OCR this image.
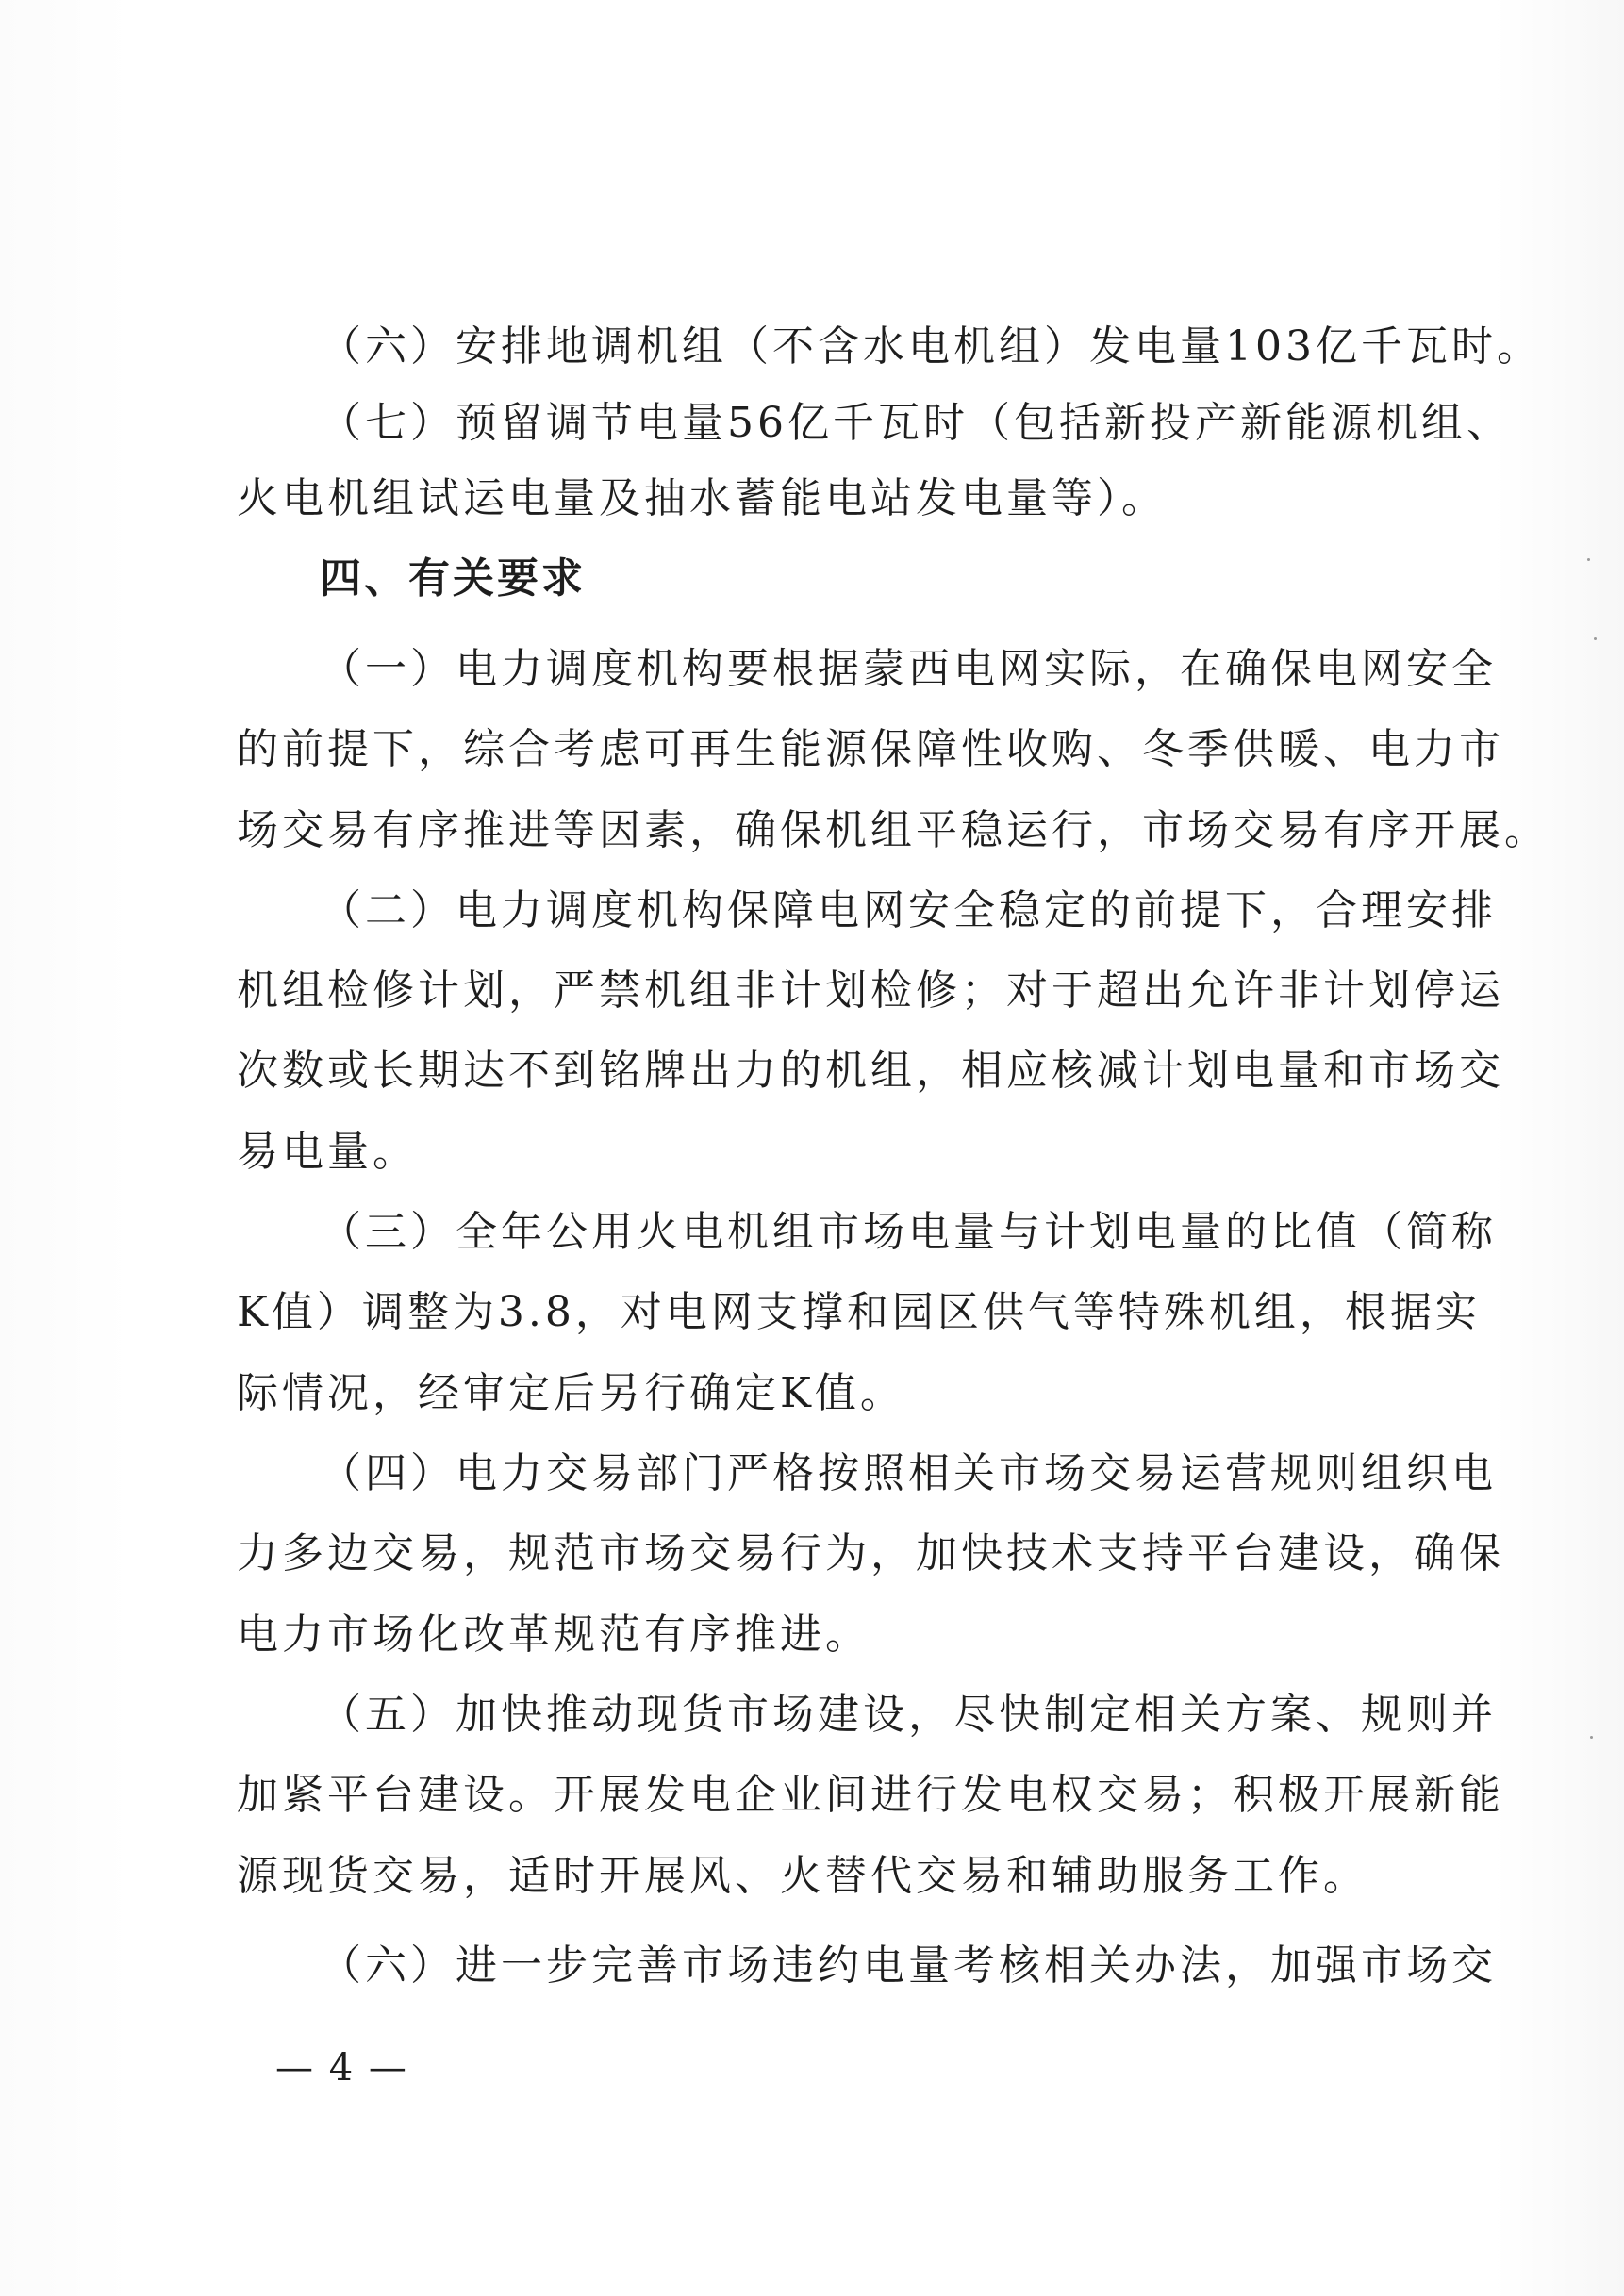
（六）安排地调机组（不含水电机组）发电量103亿千瓦时。

（七）预留调节电量56亿千瓦时（包括新投产新能源机组、

火电机组试运电量及抽水蓄能电站发电量等）。

四、有关要求

（一）电力调度机构要根据蒙西电网实际，在确保电网安全

的前提下，综合考虑可再生能源保障性收购、冬季供暖、电力市

场交易有序推进等因素，确保机组平稳运行，市场交易有序开展。

（二）电力调度机构保障电网安全稳定的前提下，合理安排

机组检修计划，严禁机组非计划检修；对于超出允许非计划停运

次数或长期达不到铭牌出力的机组，相应核减计划电量和市场交

易电量。

（三）全年公用火电机组市场电量与计划电量的比值（简称

K值）调整为3.8，对电网支撑和园区供气等特殊机组，根据实

际情况，经审定后另行确定K值。

（四）电力交易部门严格按照相关市场交易运营规则组织电

力多边交易，规范市场交易行为，加快技术支持平台建设，确保

电力市场化改革规范有序推进。

（五）加快推动现货市场建设，尽快制定相关方案、规则并

加紧平台建设。开展发电企业间进行发电权交易；积极开展新能

源现货交易，适时开展风、火替代交易和辅助服务工作。

（六）进一步完善市场违约电量考核相关办法，加强市场交

— 4 —
